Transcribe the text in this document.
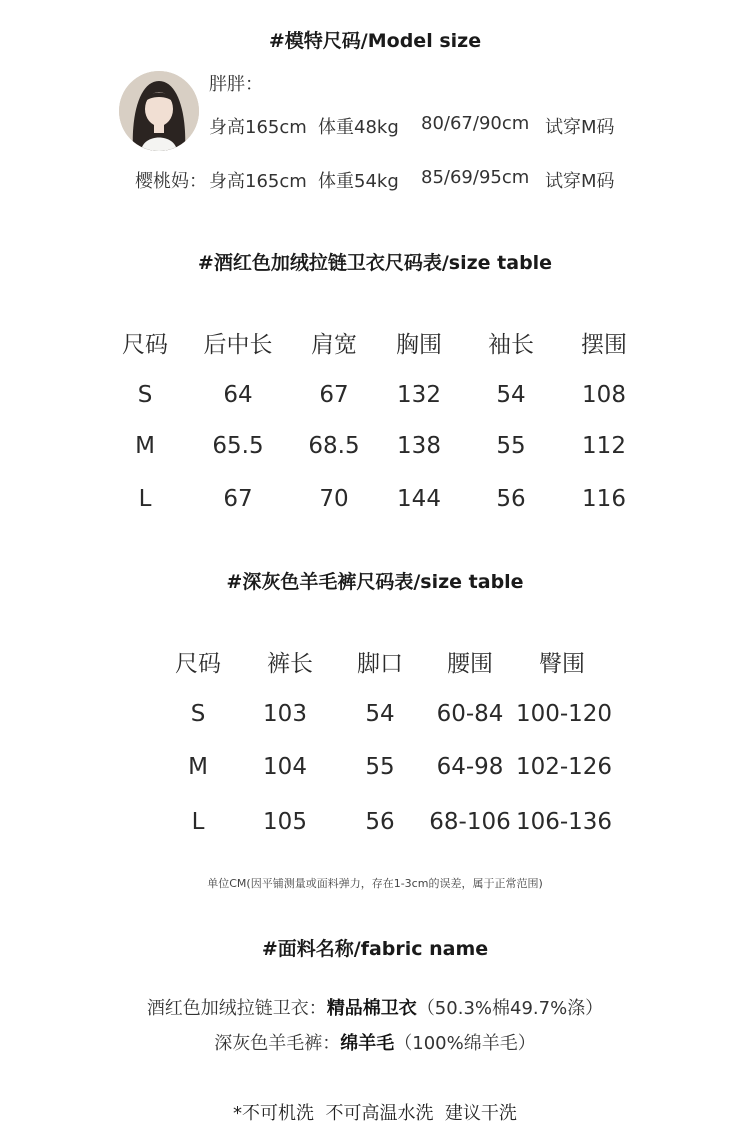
#模特尺码/Model size
胖胖：
身高165cm 体重48kg 80/67/90cm 试穿M码
樱桃妈： 身高165cm 体重54kg 85/69/95cm 试穿M码
#酒红色加绒拉链卫衣尺码表/size table
尺码 后中长 肩宽 胸围 袖长 摆围
S	64	67 132 54 108
M 65.5 68.5 138 55 112
L	67	70 144 56 116
#深灰色羊毛裤尺码表/size table
尺码 裤长 脚口 腰围 臀围
S	103	54 60-84 100-120
M 104	55 64-98 102-126
L	105	56 68-106 106-136
单位CM(因平铺测量或面料弹力，存在1-3cm的误差，属于正常范围)
#面料名称/fabric name
酒红色加绒拉链卫衣：精品棉卫衣（50.3%棉49.7%涤）
深灰色羊毛裤：绵羊毛（100%绵羊毛）
*不可机洗  不可高温水洗  建议干洗
